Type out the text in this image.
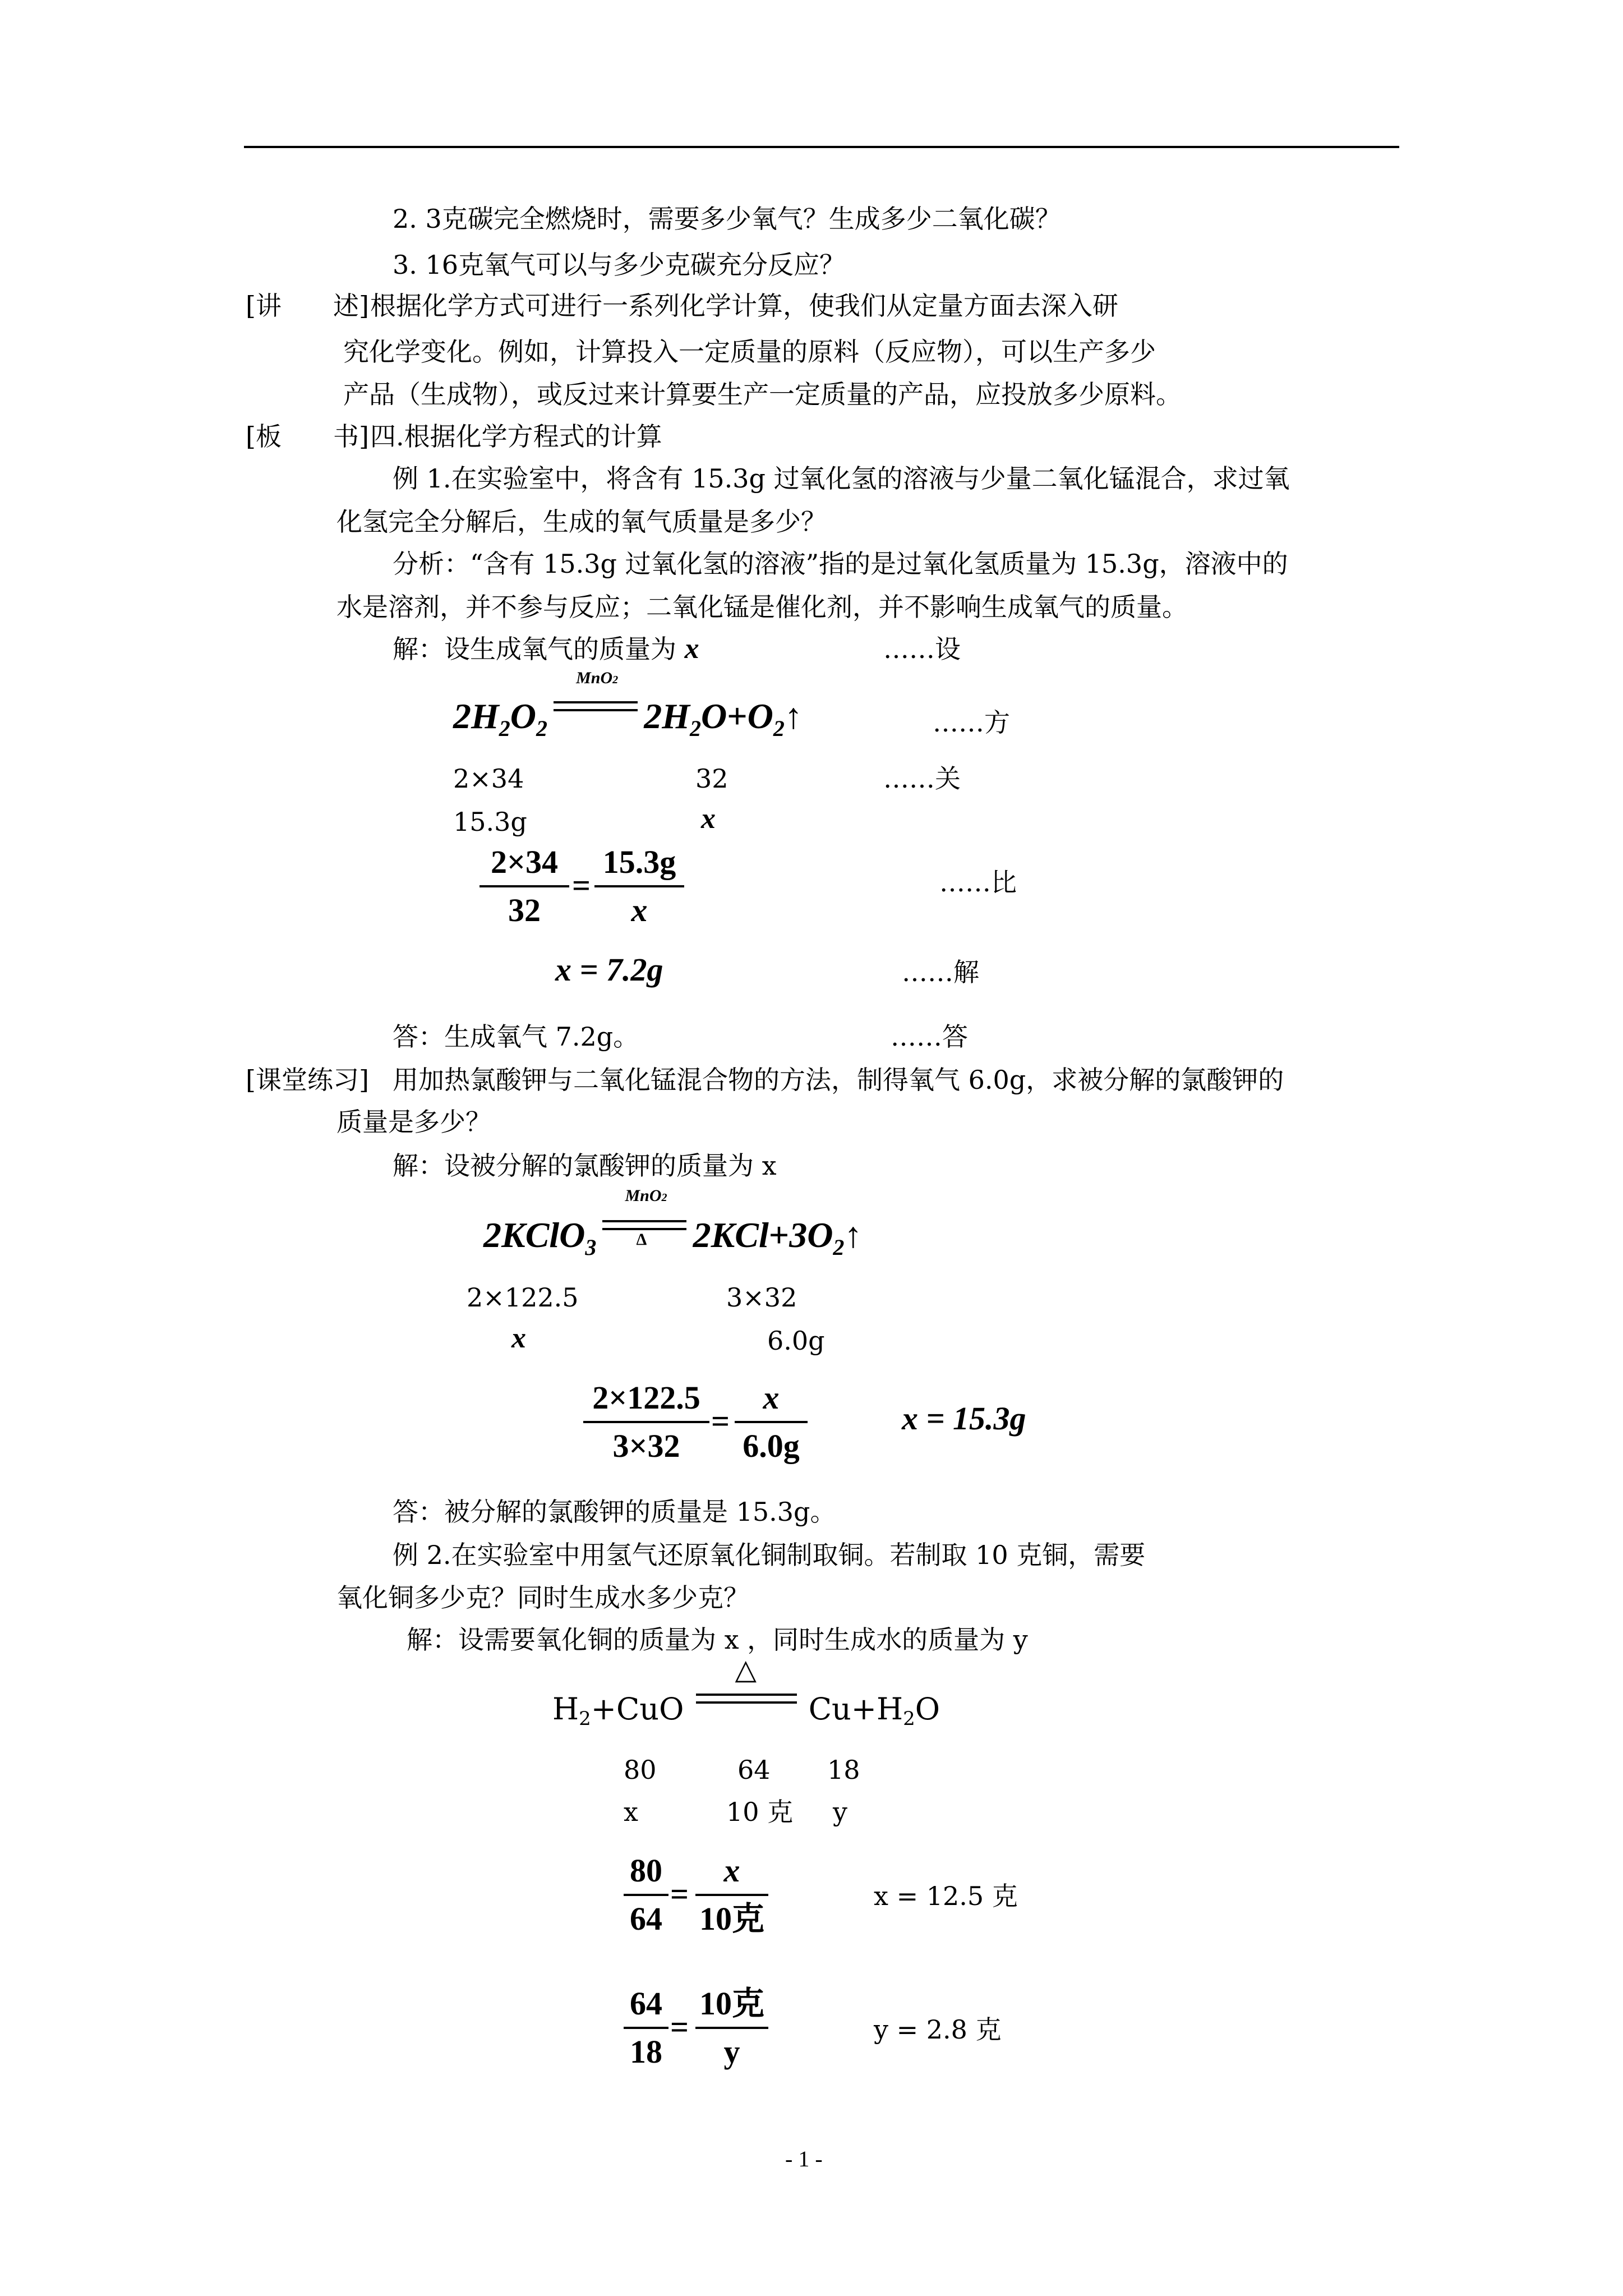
2. 3克碳完全燃烧时，需要多少氧气？生成多少二氧化碳？
3. 16克氧气可以与多少克碳充分反应？
[讲　　述] 根据化学方式可进行一系列化学计算，使我们从定量方面去深入研
究化学变化。例如，计算投入一定质量的原料（反应物），可以生产多少
产品（生成物），或反过来计算要生产一定质量的产品，应投放多少原料。
[板　　书] 四.根据化学方程式的计算
例 1.在实验室中，将含有 15.3g 过氧化氢的溶液与少量二氧化锰混合，求过氧
化氢完全分解后，生成的氧气质量是多少？
分析：“含有 15.3g 过氧化氢的溶液”指的是过氧化氢质量为 15.3g，溶液中的
水是溶剂，并不参与反应；二氧化锰是催化剂，并不影响生成氧气的质量。
解：设生成氧气的质量为 x	……设
2H2O2
MnO2
2H2O+O2↑	……方
2×34	32	……关
15.3g	x
2×34
32
=
15.3g
x
……比
x = 7.2g	……解
答：生成氧气 7.2g。	……答
[课堂练习] 用加热氯酸钾与二氧化锰混合物的方法，制得氧气 6.0g，求被分解的氯酸钾的
质量是多少？
解：设被分解的氯酸钾的质量为 x
2KClO3
MnO2
Δ 2KCl+3O2↑
2×122.5	3×32
x	6.0g
2×122.5
3×32
=
x
6.0g
x = 15.3g
答：被分解的氯酸钾的质量是 15.3g。
例 2.在实验室中用氢气还原氧化铜制取铜。若制取 10 克铜，需要
氧化铜多少克？同时生成水多少克？
解：设需要氧化铜的质量为 x ，同时生成水的质量为 y
H2+CuO
△
Cu+H2O
80	64 18
x	10 克 y
80
64
=
x
10克
x = 12.5 克
64
18
=
10克
y
y = 2.8 克
- 1 -
